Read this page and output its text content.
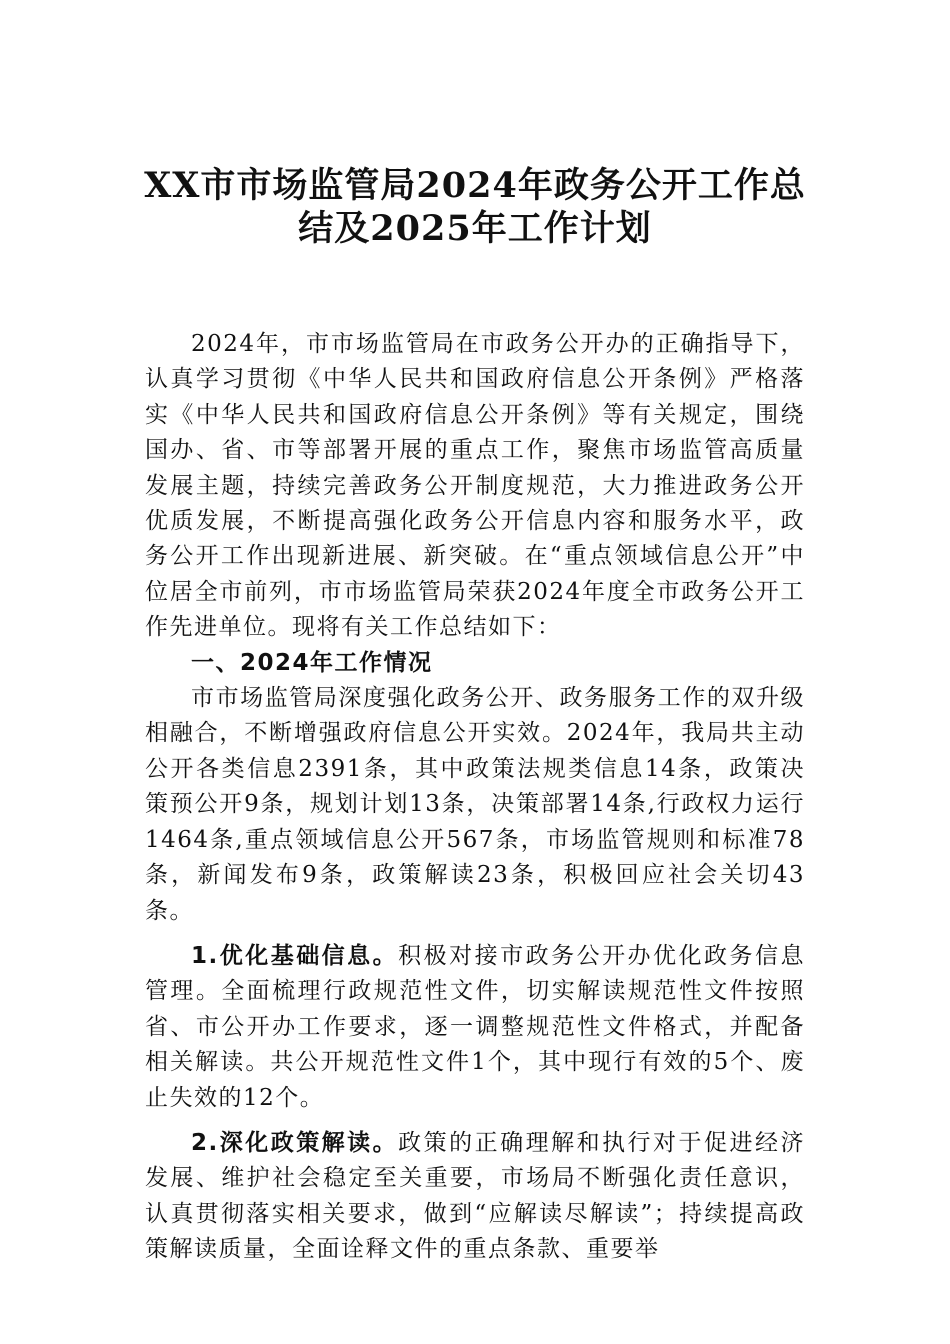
XX市市场监管局2024年政务公开工作总
结及2025年工作计划

2024年，市市场监管局在市政务公开办的正确指导下，认真学习贯彻《中华人民共和国政府信息公开条例》严格落实《中华人民共和国政府信息公开条例》等有关规定，围绕国办、省、市等部署开展的重点工作，聚焦市场监管高质量发展主题，持续完善政务公开制度规范，大力推进政务公开优质发展，不断提高强化政务公开信息内容和服务水平，政务公开工作出现新进展、新突破。在“重点领域信息公开”中位居全市前列，市市场监管局荣获2024年度全市政务公开工作先进单位。现将有关工作总结如下：

一、2024年工作情况

市市场监管局深度强化政务公开、政务服务工作的双升级相融合，不断增强政府信息公开实效。2024年，我局共主动公开各类信息2391条，其中政策法规类信息14条，政策决策预公开9条，规划计划13条，决策部署14条,行政权力运行1464条,重点领域信息公开567条，市场监管规则和标准78条，新闻发布9条，政策解读23条，积极回应社会关切43条。

1.优化基础信息。积极对接市政务公开办优化政务信息管理。全面梳理行政规范性文件，切实解读规范性文件按照省、市公开办工作要求，逐一调整规范性文件格式，并配备相关解读。共公开规范性文件1个，其中现行有效的5个、废止失效的12个。

2.深化政策解读。政策的正确理解和执行对于促进经济发展、维护社会稳定至关重要，市场局不断强化责任意识，认真贯彻落实相关要求，做到“应解读尽解读”；持续提高政策解读质量，全面诠释文件的重点条款、重要举
